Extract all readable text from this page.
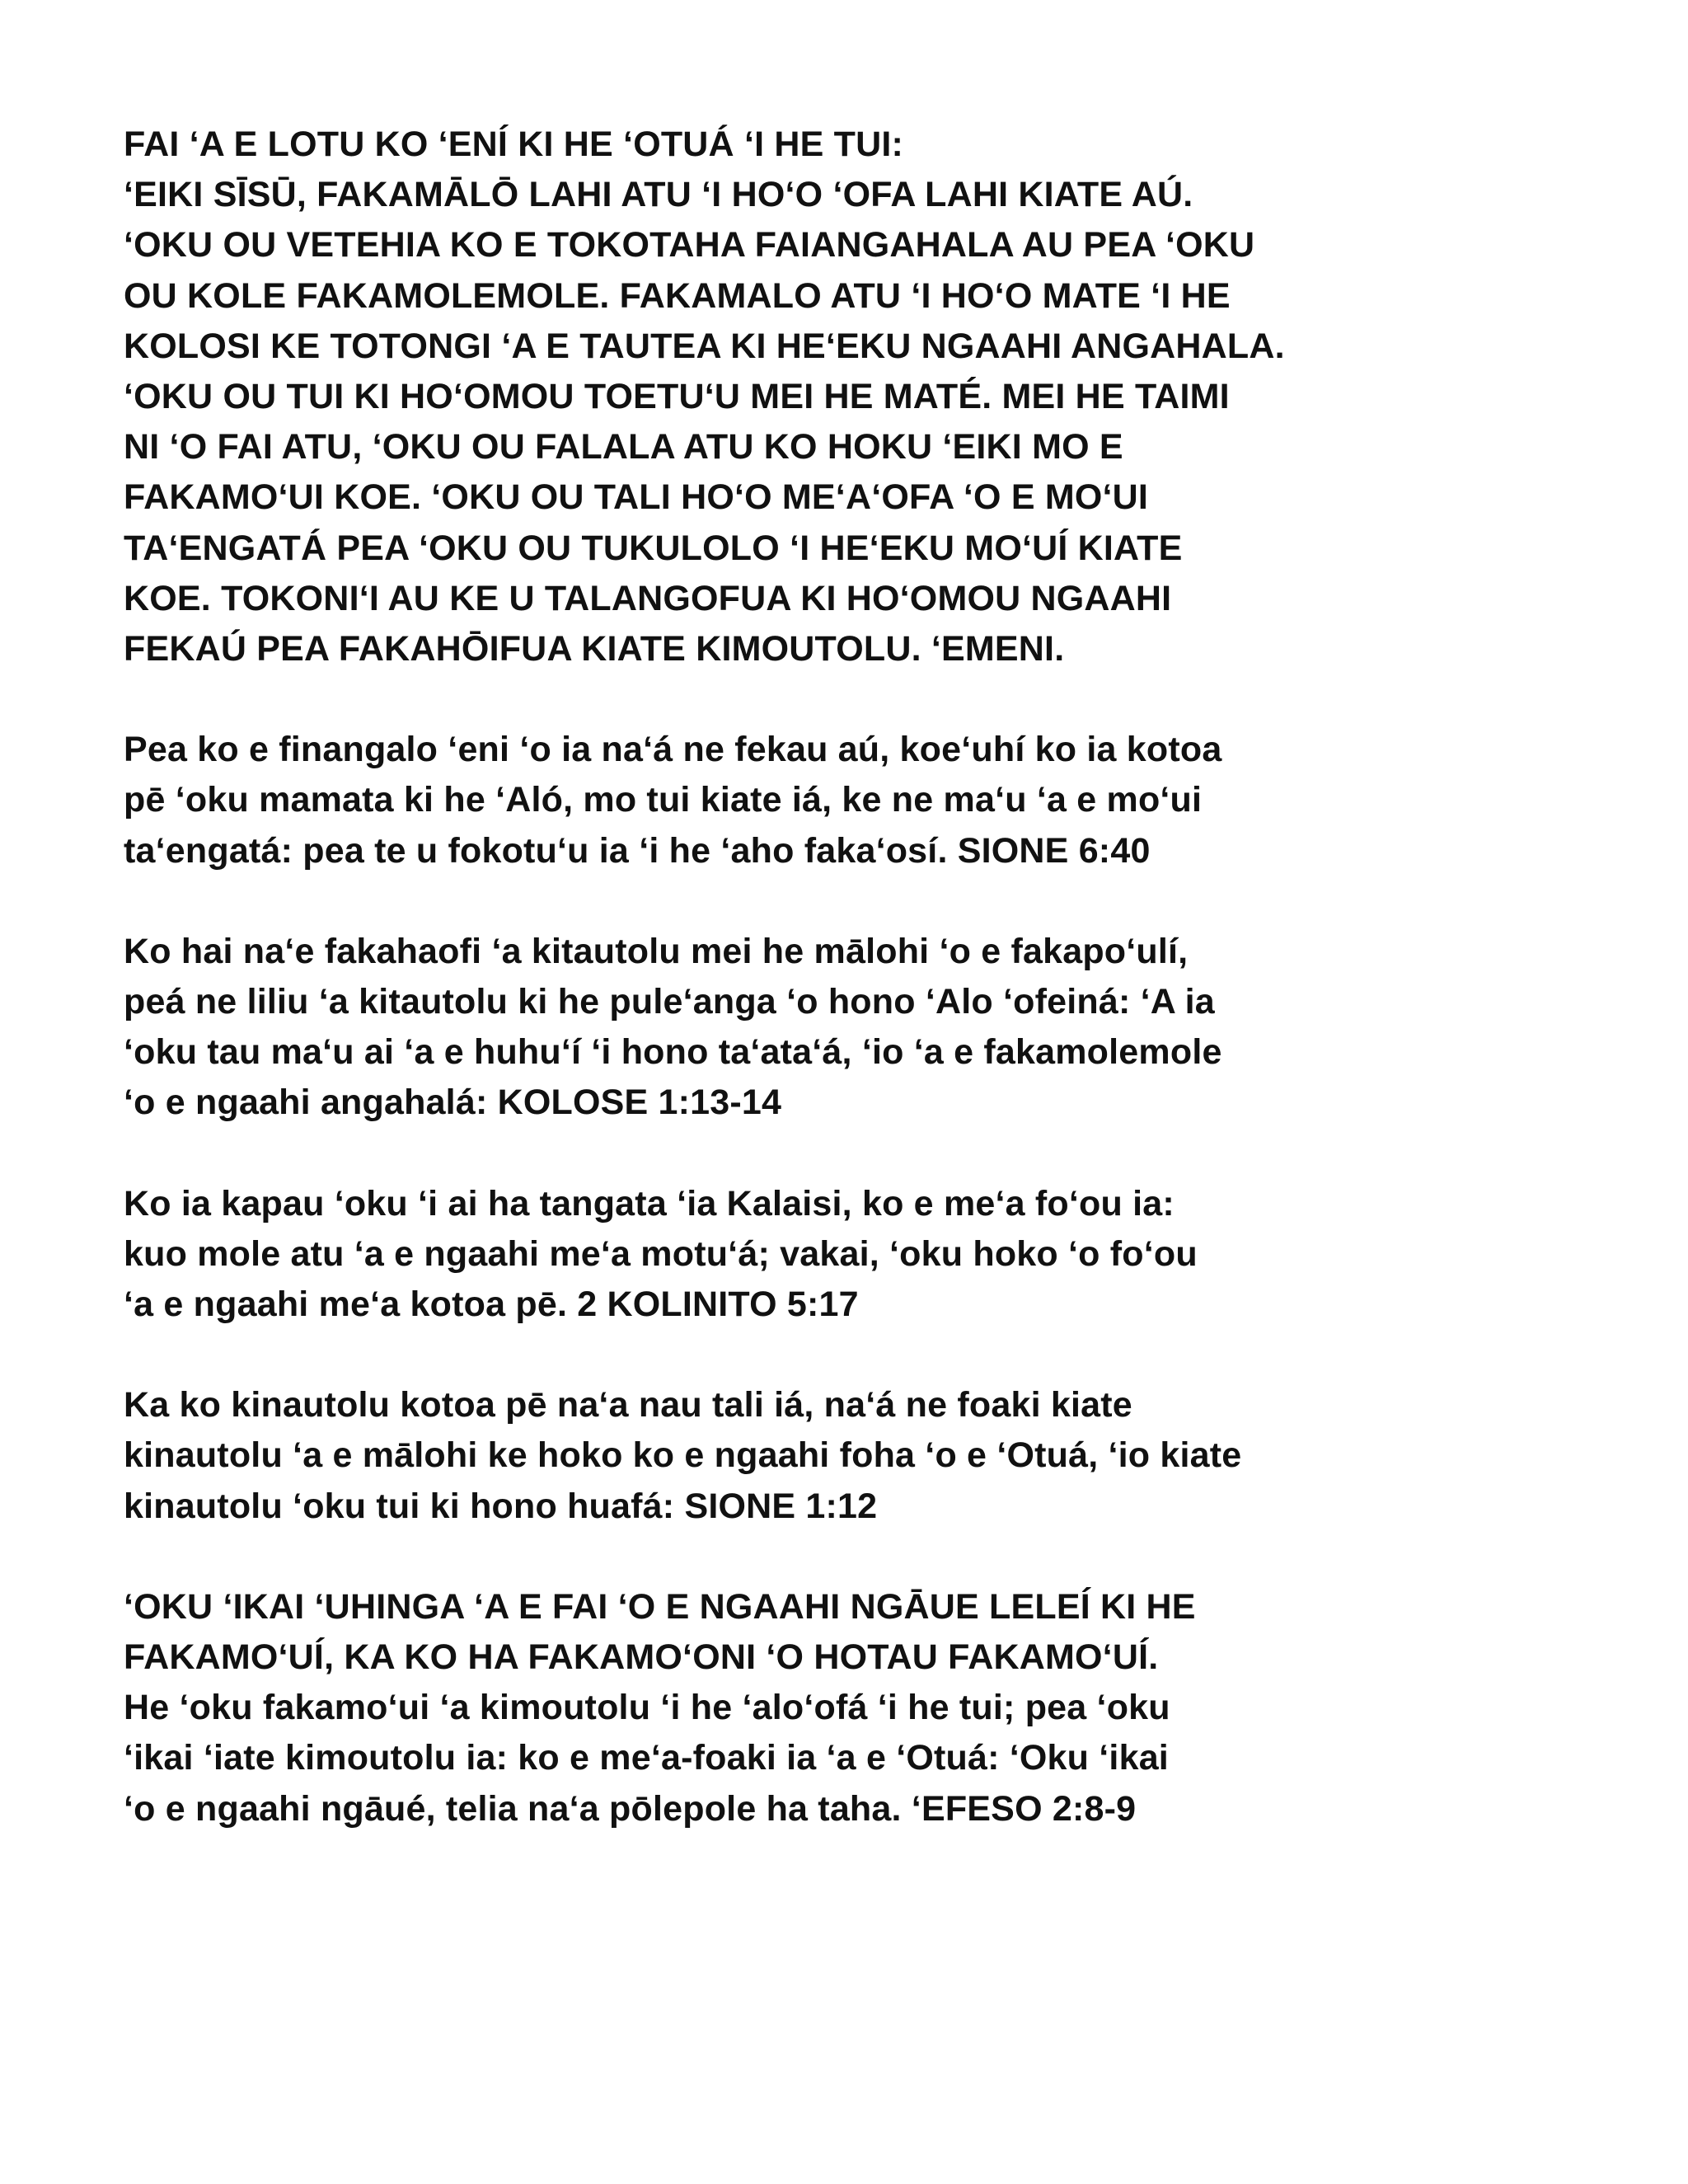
FAI ‘A E LOTU KO ‘ENÍ KI HE ‘OTUÁ ‘I HE TUI:
‘EIKI SĪSŪ, FAKAMĀLŌ LAHI ATU ‘I HO‘O ‘OFA LAHI KIATE AÚ.
‘OKU OU VETEHIA KO E TOKOTAHA FAIANGAHALA AU PEA ‘OKU
OU KOLE FAKAMOLEMOLE. FAKAMALO ATU ‘I HO‘O MATE ‘I HE
KOLOSI KE TOTONGI ‘A E TAUTEA KI HE‘EKU NGAAHI ANGAHALA.
‘OKU OU TUI KI HO‘OMOU TOETU‘U MEI HE MATÉ. MEI HE TAIMI
NI ‘O FAI ATU, ‘OKU OU FALALA ATU KO HOKU ‘EIKI MO E
FAKAMO‘UI KOE. ‘OKU OU TALI HO‘O ME‘A‘OFA ‘O E MO‘UI
TA‘ENGATÁ PEA ‘OKU OU TUKULOLO ‘I HE‘EKU MO‘UÍ KIATE
KOE. TOKONI‘I AU KE U TALANGOFUA KI HO‘OMOU NGAAHI
FEKAÚ PEA FAKAHŌIFUA KIATE KIMOUTOLU. ‘EMENI.
Pea ko e finangalo ‘eni ‘o ia na‘á ne fekau aú, koe‘uhí ko ia kotoa
pē ‘oku mamata ki he ‘Aló, mo tui kiate iá, ke ne ma‘u ‘a e mo‘ui
ta‘engatá: pea te u fokotu‘u ia ‘i he ‘aho faka‘osí. SIONE 6:40
Ko hai na‘e fakahaofi ‘a kitautolu mei he mālohi ‘o e fakapo‘ulí,
peá ne liliu ‘a kitautolu ki he pule‘anga ‘o hono ‘Alo ‘ofeiná: ‘A ia
‘oku tau ma‘u ai ‘a e huhu‘í ‘i hono ta‘ata‘á, ‘io ‘a e fakamolemole
‘o e ngaahi angahalá: KOLOSE 1:13-14
Ko ia kapau ‘oku ‘i ai ha tangata ‘ia Kalaisi, ko e me‘a fo‘ou ia:
kuo mole atu ‘a e ngaahi me‘a motu‘á; vakai, ‘oku hoko ‘o fo‘ou
‘a e ngaahi me‘a kotoa pē. 2 KOLINITO 5:17
Ka ko kinautolu kotoa pē na‘a nau tali iá, na‘á ne foaki kiate
kinautolu ‘a e mālohi ke hoko ko e ngaahi foha ‘o e ‘Otuá, ‘io kiate
kinautolu ‘oku tui ki hono huafá: SIONE 1:12
‘OKU ‘IKAI ‘UHINGA ‘A E FAI ‘O E NGAAHI NGĀUE LELEÍ KI HE
FAKAMO‘UÍ, KA KO HA FAKAMO‘ONI ‘O HOTAU FAKAMO‘UÍ.
He ‘oku fakamo‘ui ‘a kimoutolu ‘i he ‘alo‘ofá ‘i he tui; pea ‘oku
‘ikai ‘iate kimoutolu ia: ko e me‘a-foaki ia ‘a e ‘Otuá: ‘Oku ‘ikai
‘o e ngaahi ngāué, telia na‘a pōlepole ha taha. ‘EFESO 2:8-9
